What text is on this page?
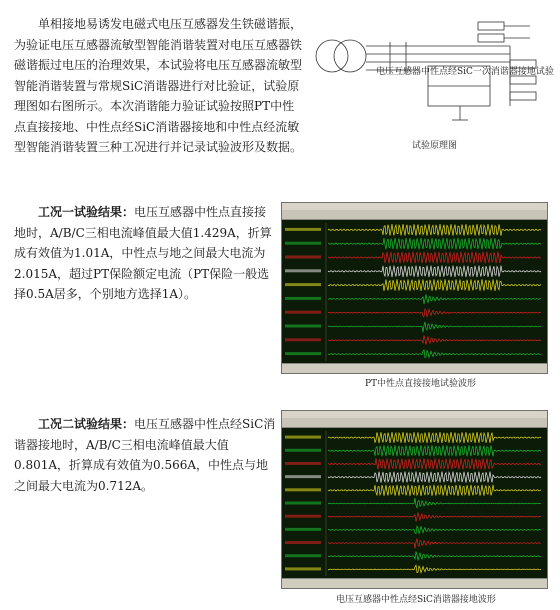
单相接地易诱发电磁式电压互感器发生铁磁谐振，为验证电压互感器流敏型智能消谐装置对电压互感器铁磁谐振过电压的治理效果，本试验将电压互感器流敏型智能消谐装置与常规SiC消谐器进行对比验证，试验原理图如右图所示。本次消谐能力验证试验按照PT中性点直接接地、中性点经SiC消谐器接地和中性点经流敏型智能消谐装置三种工况进行并记录试验波形及数据。

电压互感器中性点经SiC一次消谐器接地试验
试验原理图

工况一试验结果：电压互感器中性点直接接地时，A/B/C三相电流峰值最大值1.429A，折算成有效值为1.01A，中性点与地之间最大电流为2.015A，超过PT保险额定电流（PT保险一般选择0.5A居多，个别地方选择1A）。

PT中性点直接接地试验波形

工况二试验结果：电压互感器中性点经SiC消谐器接地时，A/B/C三相电流峰值最大值0.801A，折算成有效值为0.566A，中性点与地之间最大电流为0.712A。

电压互感器中性点经SiC消谐器接地波形
